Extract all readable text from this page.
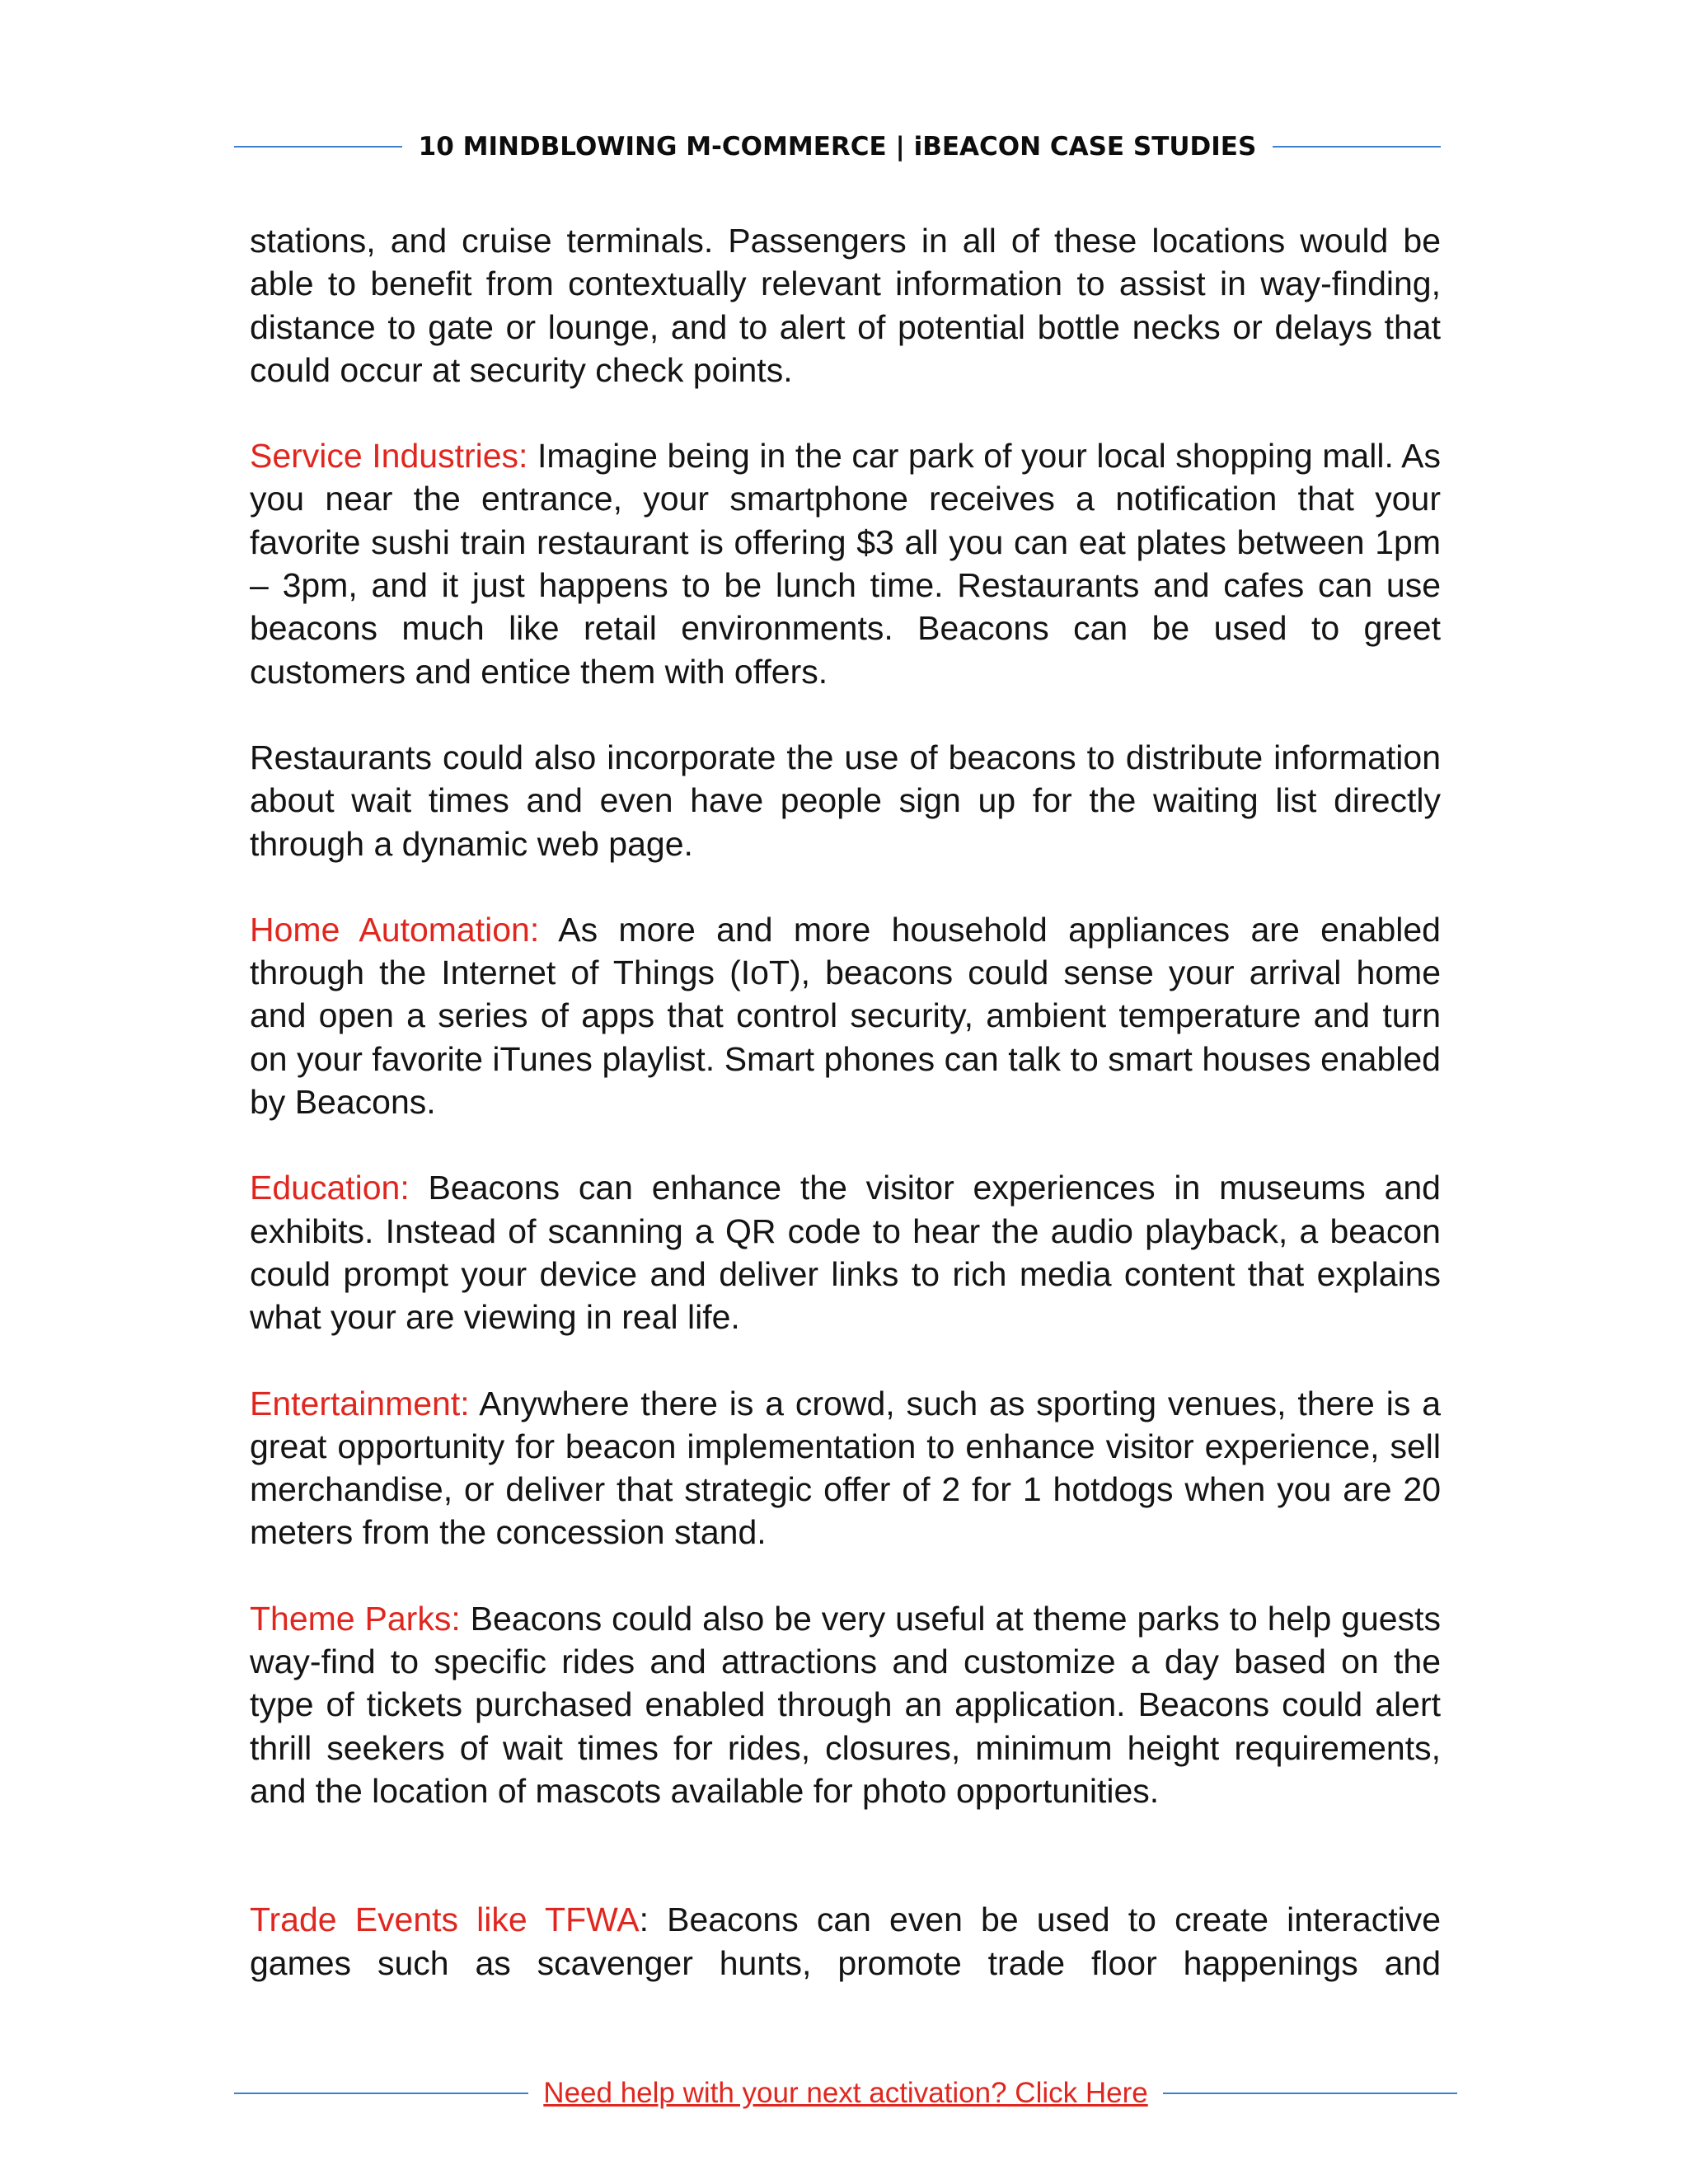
10 MINDBLOWING M-COMMERCE | iBEACON CASE STUDIES

stations, and cruise terminals. Passengers in all of these locations would be able to benefit from contextually relevant information to assist in way-finding, distance to gate or lounge, and to alert of potential bottle necks or delays that could occur at security check points.

Service Industries: Imagine being in the car park of your local shopping mall. As you near the entrance, your smartphone receives a notification that your favorite sushi train restaurant is offering $3 all you can eat plates between 1pm – 3pm, and it just happens to be lunch time. Restaurants and cafes can use beacons much like retail environments. Beacons can be used to greet customers and entice them with offers.

Restaurants could also incorporate the use of beacons to distribute information about wait times and even have people sign up for the waiting list directly through a dynamic web page.

Home Automation: As more and more household appliances are enabled through the Internet of Things (IoT), beacons could sense your arrival home and open a series of apps that control security, ambient temperature and turn on your favorite iTunes playlist. Smart phones can talk to smart houses enabled by Beacons.

Education: Beacons can enhance the visitor experiences in museums and exhibits. Instead of scanning a QR code to hear the audio playback, a beacon could prompt your device and deliver links to rich media content that explains what your are viewing in real life.

Entertainment: Anywhere there is a crowd, such as sporting venues, there is a great opportunity for beacon implementation to enhance visitor experience, sell merchandise, or deliver that strategic offer of 2 for 1 hotdogs when you are 20 meters from the concession stand.

Theme Parks: Beacons could also be very useful at theme parks to help guests way-find to specific rides and attractions and customize a day based on the type of tickets purchased enabled through an application. Beacons could alert thrill seekers of wait times for rides, closures, minimum height requirements, and the location of mascots available for photo opportunities.

Trade Events like TFWA: Beacons can even be used to create interactive games such as scavenger hunts, promote trade floor happenings and

Need help with your next activation? Click Here
